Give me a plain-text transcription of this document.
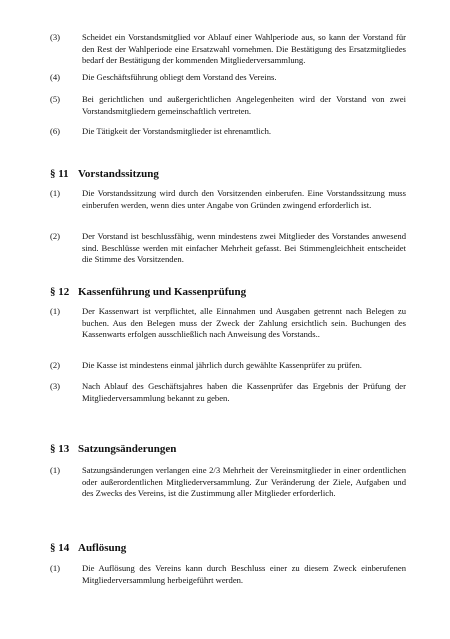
(3)	Scheidet ein Vorstandsmitglied vor Ablauf einer Wahlperiode aus, so kann der Vorstand für den Rest der Wahlperiode eine Ersatzwahl vornehmen. Die Bestätigung des Ersatzmitgliedes bedarf der Bestätigung der kommenden Mitgliederversammlung.
(4)	Die Geschäftsführung obliegt dem Vorstand des Vereins.
(5)	Bei gerichtlichen und außergerichtlichen Angelegenheiten wird der Vorstand von zwei Vorstandsmitgliedern gemeinschaftlich vertreten.
(6)	Die Tätigkeit der Vorstandsmitglieder ist ehrenamtlich.
§ 11 Vorstandssitzung
(1)	Die Vorstandssitzung wird durch den Vorsitzenden einberufen. Eine Vorstandssitzung muss einberufen werden, wenn dies unter Angabe von Gründen zwingend erforderlich ist.
(2)	Der Vorstand ist beschlussfähig, wenn mindestens zwei Mitglieder des Vorstandes anwesend sind. Beschlüsse werden mit einfacher Mehrheit gefasst. Bei Stimmengleichheit entscheidet die Stimme des Vorsitzenden.
§ 12 Kassenführung und Kassenprüfung
(1)	Der Kassenwart ist verpflichtet, alle Einnahmen und Ausgaben getrennt nach Belegen zu buchen. Aus den Belegen muss der Zweck der Zahlung ersichtlich sein. Buchungen des Kassenwarts erfolgen ausschließlich nach Anweisung des Vorstands..
(2)	Die Kasse ist mindestens einmal jährlich durch gewählte Kassenprüfer zu prüfen.
(3)	Nach Ablauf des Geschäftsjahres haben die Kassenprüfer das Ergebnis der Prüfung der Mitgliederversammlung bekannt zu geben.
§ 13 Satzungsänderungen
(1)	Satzungsänderungen verlangen eine 2/3 Mehrheit der Vereinsmitglieder in einer ordentlichen oder außerordentlichen Mitgliederversammlung. Zur Veränderung der Ziele, Aufgaben und des Zwecks des Vereins, ist die Zustimmung aller Mitglieder erforderlich.
§ 14 Auflösung
(1)	Die Auflösung des Vereins kann durch Beschluss einer zu diesem Zweck einberufenen Mitgliederversammlung herbeigeführt werden.
